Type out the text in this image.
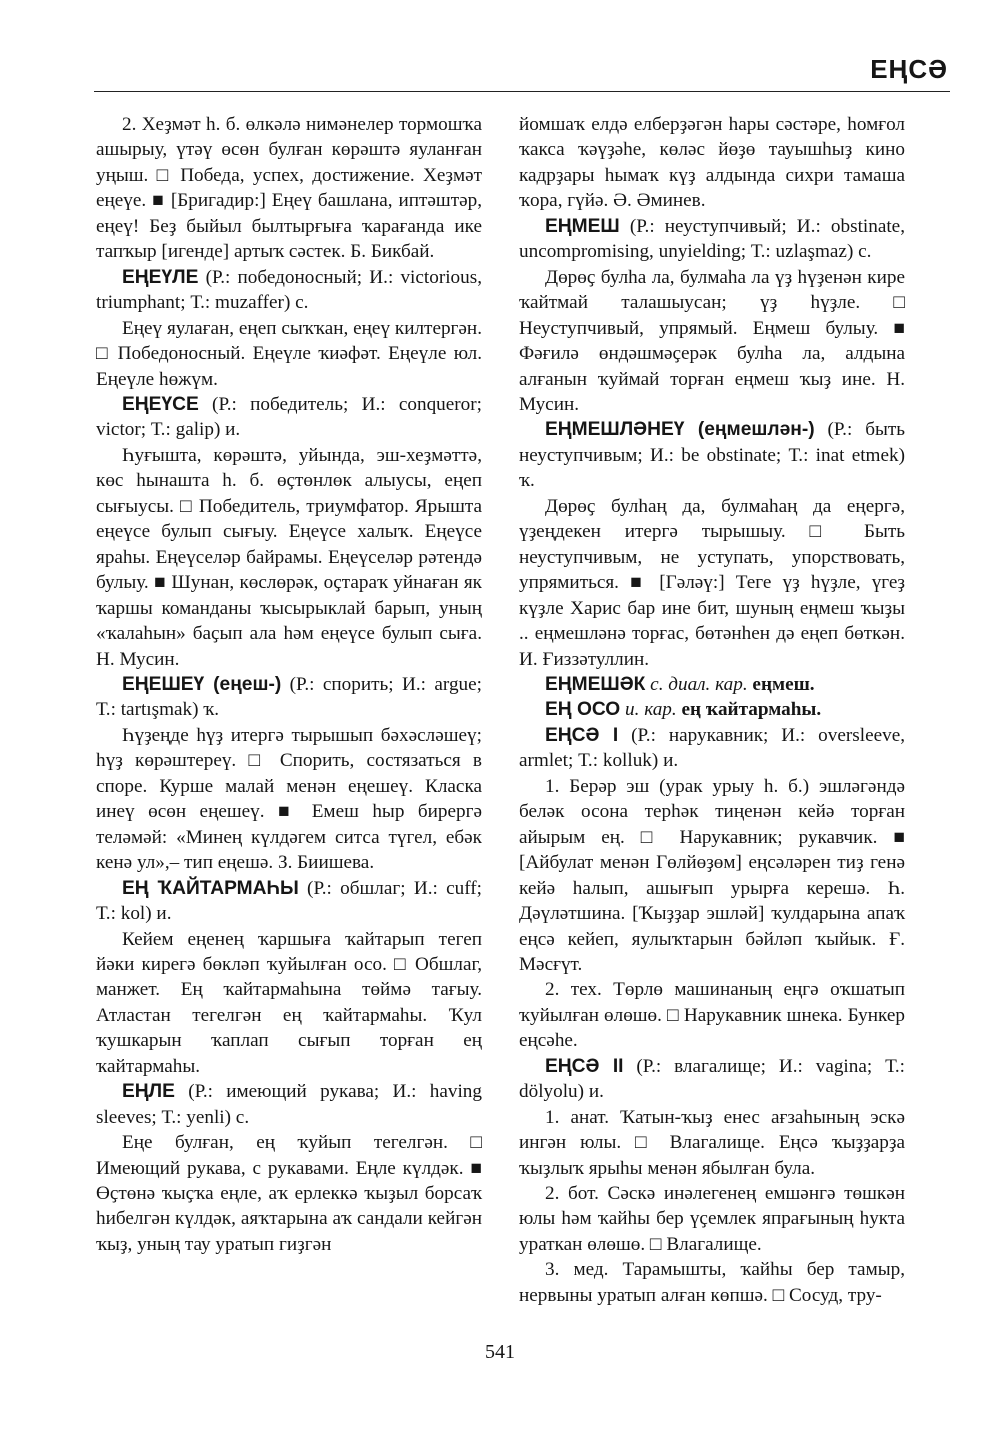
ЕҢСӘ

2. Хеҙмәт һ. б. өлкәлә нимәнелер тормошҡа ашырыу, үтәү өсөн булған көрәштә яуланған уңыш. □ Победа, успех, достижение. Хеҙмәт еңеүе. ■ [Бригадир:] Еңеү башлана, иптәштәр, еңеү! Беҙ быйыл былтырғыға ҡарағанда ике тапҡыр [игенде] артыҡ сәстек. Б. Бикбай.

ЕҢЕҮЛЕ (Р.: победоносный; И.: victorious, triumphant; Т.: muzaffer) с.

Еңеү яулаған, еңеп сыҡҡан, еңеү килтергән. □ Победоносный. Еңеүле ҡиәфәт. Еңеүле юл. Еңеүле һөжүм.

ЕҢЕҮСЕ (Р.: победитель; И.: conqueror; victor; Т.: galip) и.

Һуғышта, көрәштә, уйында, эш-хеҙмәттә, көс һынашта һ. б. өҫтөнлөк алыусы, еңеп сығыусы. □ Победитель, триумфатор. Ярышта еңеүсе булып сығыу. Еңеүсе халыҡ. Еңеүсе яраһы. Еңеүселәр байрамы. Еңеүселәр рәтендә булыу. ■ Шунан, көслөрәк, оҫтараҡ уйнаған як ҡаршы команданы ҡысырыклай барып, уның «ҡалаһын» баҫып ала һәм еңеүсе булып сыға. Н. Мусин.

ЕҢЕШЕҮ (еңеш-) (Р.: спорить; И.: argue; Т.: tartışmak) ҡ.

Һүҙеңде һүҙ итергә тырышып бәхәсләшеү; һүҙ көрәштереү. □ Спорить, состязаться в споре. Курше малай менән еңешеү. Класка инеү өсөн еңешеү. ■ Емеш һыр бирергә теләмәй: «Минең күлдәгем ситса түгел, ебәк кенә ул»,– тип еңешә. З. Биишева.

ЕҢ ҠАЙТАРМАҺЫ (Р.: обшлаг; И.: cuff; Т.: kol) и.

Кейем еңенең ҡаршыға ҡайтарып тегеп йәки кирегә бөкләп ҡуйылған осо. □ Обшлаг, манжет. Ең ҡайтармаһына төймә тағыу. Атластан тегелгән ең ҡайтармаһы. Ҡул ҡушкарын ҡаплап сығып торған ең ҡайтармаһы.

ЕҢЛЕ (Р.: имеющий рукава; И.: having sleeves; Т.: yenli) с.

Еңе булған, ең ҡуйып тегелгән. □ Имеющий рукава, с рукавами. Еңле күлдәк. ■ Өҫтөнә ҡыҫҡа еңле, аҡ ерлеккә ҡыҙыл борсаҡ һибелгән күлдәк, аяҡтарына аҡ сандали кейгән ҡыҙ, уның тау уратып гиҙгән

йомшаҡ елдә елберҙәгән һары сәстәре, һомғол ҡакса ҡәүҙәһе, көләс йөҙө тауышһыҙ кино кадрҙары һымаҡ күҙ алдында сихри тамаша ҡора, гүйә. Ә. Әминев.

ЕҢМЕШ (Р.: неуступчивый; И.: obstinate, uncompromising, unyielding; Т.: uzlaşmaz) с.

Дөрөҫ булһа ла, булмаһа ла үҙ һүҙенән кире ҡайтмай талашыусан; үҙ һүҙле. □ Неуступчивый, упрямый. Еңмеш булыу. ■ Фәғилә өндәшмәҫерәк булһа ла, алдына алғанын ҡуймай торған еңмеш ҡыҙ ине. Н. Мусин.

ЕҢМЕШЛӘНЕҮ (еңмешлән-) (Р.: быть неуступчивым; И.: be obstinate; Т.: inat etmek) ҡ.

Дөрөҫ булһаң да, булмаһаң да еңергә, үҙеңдекен итергә тырышыу. □ Быть неуступчивым, не уступать, упорствовать, упрямиться. ■ [Гәләү:] Теге үҙ һүҙле, үгеҙ күҙле Харис бар ине бит, шуның еңмеш ҡыҙы .. еңмешләнә торғас, бөтәнһен дә еңеп бөткән. И. Ғиззәтуллин.

ЕҢМЕШӘК с. диал. кар. еңмеш.

ЕҢ ОСО и. кар. ең ҡайтармаһы.

ЕҢСӘ I (Р.: нарукавник; И.: oversleeve, armlet; Т.: kolluk) и.

1. Берәр эш (урак урыу һ. б.) эшләгәндә беләк осона терһәк тиңенән кейә торған айырым ең. □ Нарукавник; рукавчик. ■ [Айбулат менән Гөлйөҙөм] еңсәләрен тиҙ генә кейә һалып, ашығып урырға керешә. Һ. Дәүләтшина. [Ҡыҙҙар эшләй] ҡулдарына апаҡ еңсә кейеп, яулыҡтарын бәйләп ҡыйык. Ғ. Мәсғүт.

2. тех. Төрлө машинаның еңгә оҡшатып ҡуйылған өлөшө. □ Нарукавник шнека. Бункер еңсәһе.

ЕҢСӘ II (Р.: влагалище; И.: vagina; Т.: dölyolu) и.

1. анат. Ҡатын-ҡыҙ енес ағзаһының эскә ингән юлы. □ Влагалище. Еңсә ҡыҙҙарҙа ҡыҙлыҡ ярыһы менән ябылған була.

2. бот. Сәскә инәлегенең емшәнгә төшкән юлы һәм ҡайһы бер үҫемлек япрағының һукта ураткан өлөшө. □ Влагалище.

3. мед. Тарамышты, ҡайһы бер тамыр, нервыны уратып алған көпшә. □ Сосуд, тру-

541
